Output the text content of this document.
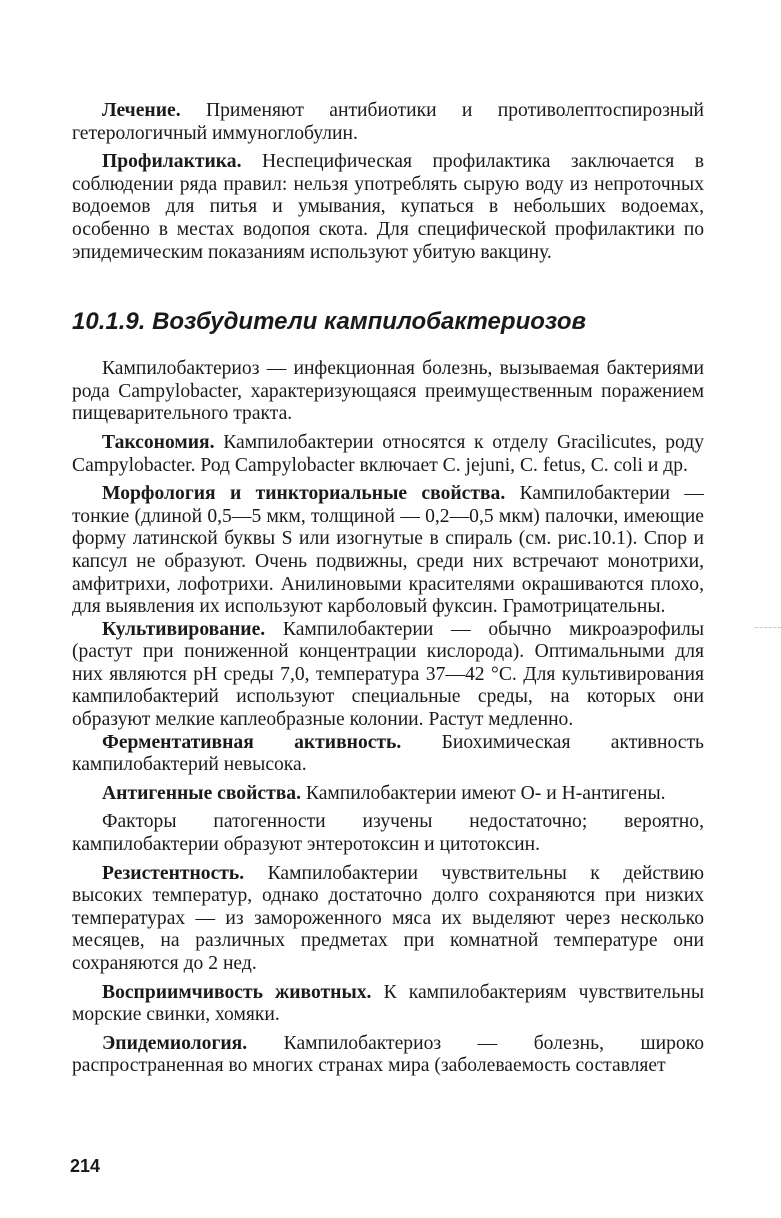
Лечение. Применяют антибиотики и противолептоспирозный гетерологичный иммуноглобулин.

Профилактика. Неспецифическая профилактика заключается в соблюдении ряда правил: нельзя употреблять сырую воду из непроточных водоемов для питья и умывания, купаться в небольших водоемах, особенно в местах водопоя скота. Для специфической профилактики по эпидемическим показаниям используют убитую вакцину.

10.1.9. Возбудители кампилобактериозов

Кампилобактериоз — инфекционная болезнь, вызываемая бактериями рода Campylobacter, характеризующаяся преимущественным поражением пищеварительного тракта.

Таксономия. Кампилобактерии относятся к отделу Gracilicutes, роду Campylobacter. Род Campylobacter включает C. jejuni, C. fetus, C. coli и др.

Морфология и тинкториальные свойства. Кампилобактерии — тонкие (длиной 0,5—5 мкм, толщиной — 0,2—0,5 мкм) палочки, имеющие форму латинской буквы S или изогнутые в спираль (см. рис.10.1). Спор и капсул не образуют. Очень подвижны, среди них встречают монотрихи, амфитрихи, лофотрихи. Анилиновыми красителями окрашиваются плохо, для выявления их используют карболовый фуксин. Грамотрицательны.

Культивирование. Кампилобактерии — обычно микроаэрофилы (растут при пониженной концентрации кислорода). Оптимальными для них являются pH среды 7,0, температура 37—42 °C. Для культивирования кампилобактерий используют специальные среды, на которых они образуют мелкие каплеобразные колонии. Растут медленно.

Ферментативная активность. Биохимическая активность кампилобактерий невысока.

Антигенные свойства. Кампилобактерии имеют O- и H-антигены.

Факторы патогенности изучены недостаточно; вероятно, кампилобактерии образуют энтеротоксин и цитотоксин.

Резистентность. Кампилобактерии чувствительны к действию высоких температур, однако достаточно долго сохраняются при низких температурах — из замороженного мяса их выделяют через несколько месяцев, на различных предметах при комнатной температуре они сохраняются до 2 нед.

Восприимчивость животных. К кампилобактериям чувствительны морские свинки, хомяки.

Эпидемиология. Кампилобактериоз — болезнь, широко распространенная во многих странах мира (заболеваемость составляет

214
